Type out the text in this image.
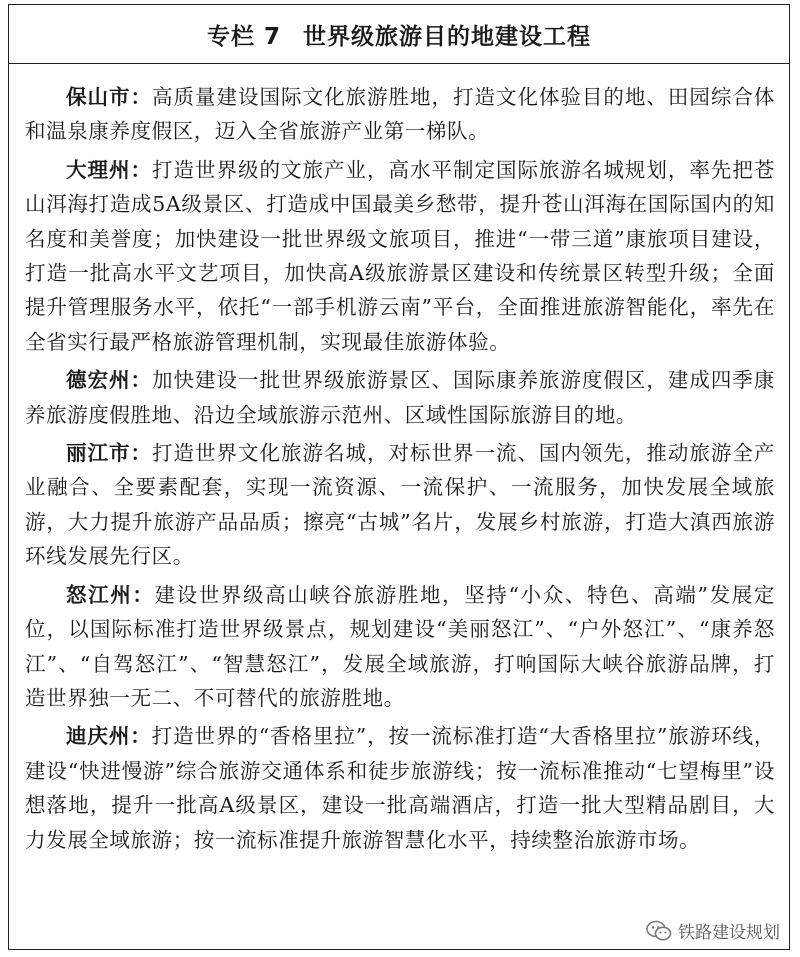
专栏 7 世界级旅游目的地建设工程

保山市：高质量建设国际文化旅游胜地，打造文化体验目的地、田园综合体和温泉康养度假区，迈入全省旅游产业第一梯队。

大理州：打造世界级的文旅产业，高水平制定国际旅游名城规划，率先把苍山洱海打造成5A级景区、打造成中国最美乡愁带，提升苍山洱海在国际国内的知名度和美誉度；加快建设一批世界级文旅项目，推进“一带三道”康旅项目建设，打造一批高水平文艺项目，加快高A级旅游景区建设和传统景区转型升级；全面提升管理服务水平，依托“一部手机游云南”平台，全面推进旅游智能化，率先在全省实行最严格旅游管理机制，实现最佳旅游体验。

德宏州：加快建设一批世界级旅游景区、国际康养旅游度假区，建成四季康养旅游度假胜地、沿边全域旅游示范州、区域性国际旅游目的地。

丽江市：打造世界文化旅游名城，对标世界一流、国内领先，推动旅游全产业融合、全要素配套，实现一流资源、一流保护、一流服务，加快发展全域旅游，大力提升旅游产品品质；擦亮“古城”名片，发展乡村旅游，打造大滇西旅游环线发展先行区。

怒江州：建设世界级高山峡谷旅游胜地，坚持“小众、特色、高端”发展定位，以国际标准打造世界级景点，规划建设“美丽怒江”、“户外怒江”、“康养怒江”、“自驾怒江”、“智慧怒江”，发展全域旅游，打响国际大峡谷旅游品牌，打造世界独一无二、不可替代的旅游胜地。

迪庆州：打造世界的“香格里拉”，按一流标准打造“大香格里拉”旅游环线，建设“快进慢游”综合旅游交通体系和徒步旅游线；按一流标准推动“七望梅里”设想落地，提升一批高A级景区，建设一批高端酒店，打造一批大型精品剧目，大力发展全域旅游；按一流标准提升旅游智慧化水平，持续整治旅游市场。

铁路建设规划
